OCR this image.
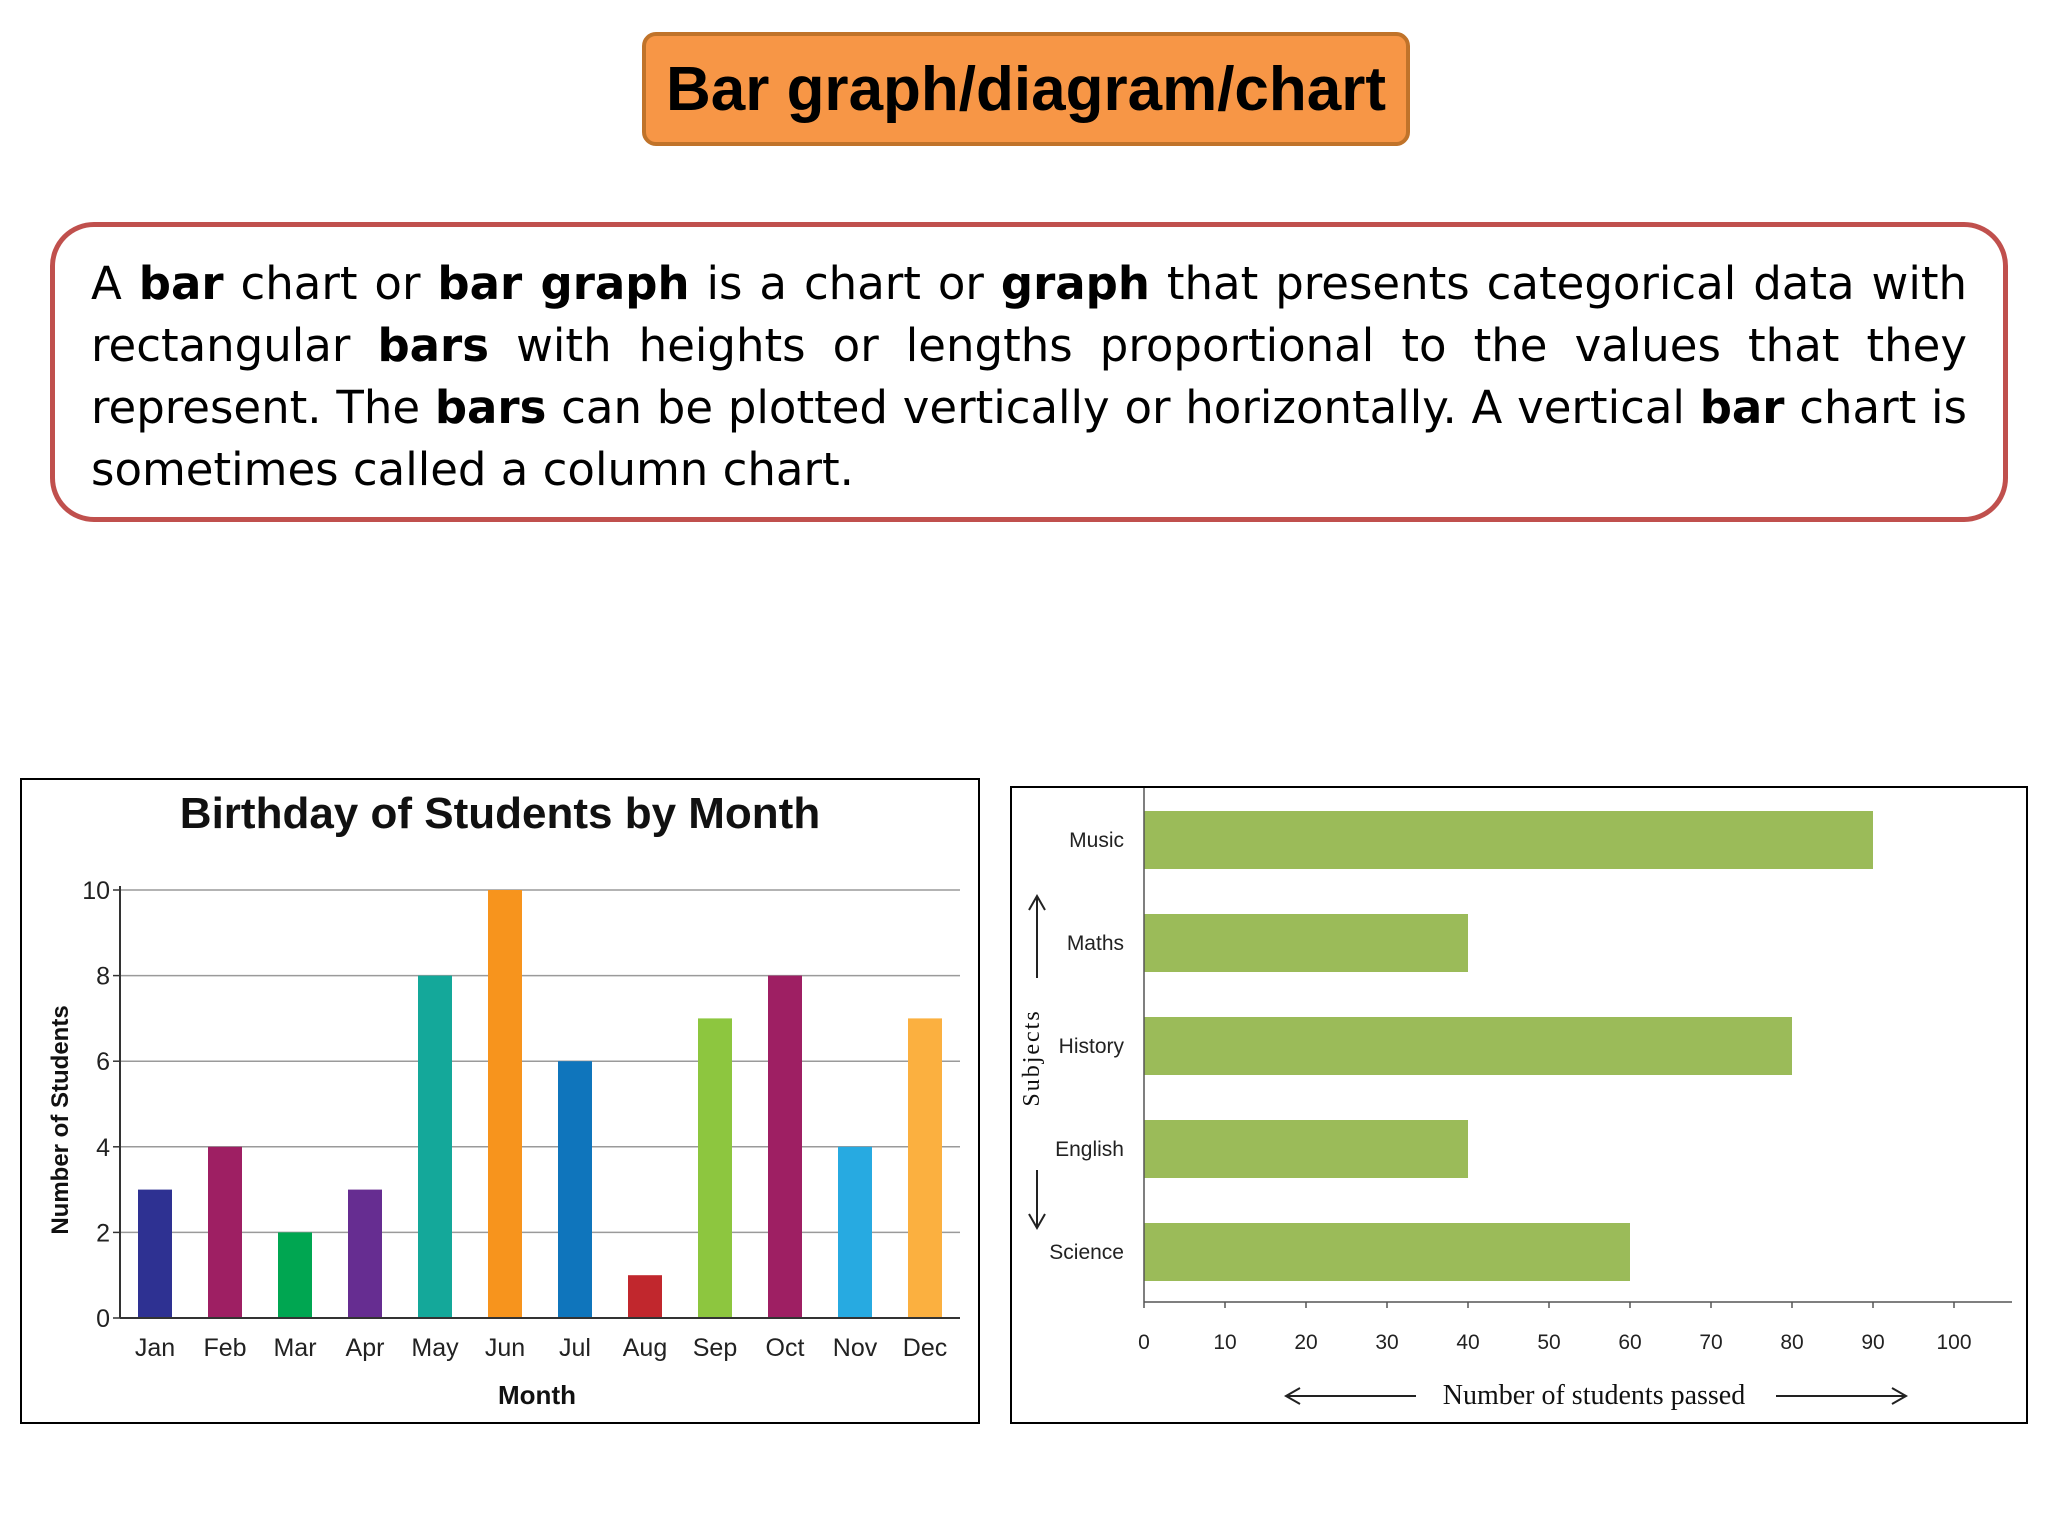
Bar graph/diagram/chart

A bar chart or bar graph is a chart or graph that presents categorical data with rectangular bars with heights or lengths proportional to the values that they represent. The bars can be plotted vertically or horizontally. A vertical bar chart is sometimes called a column chart.

Birthday of Students by Month
Number of Students
Month
0
2
4
6
8
10
Jan Feb Mar Apr May Jun Jul Aug Sep Oct Nov Dec
Subjects
Number of students passed
Music
Maths
History
English
Science
0	10	20	30	40	50	60	70	80	90 100
